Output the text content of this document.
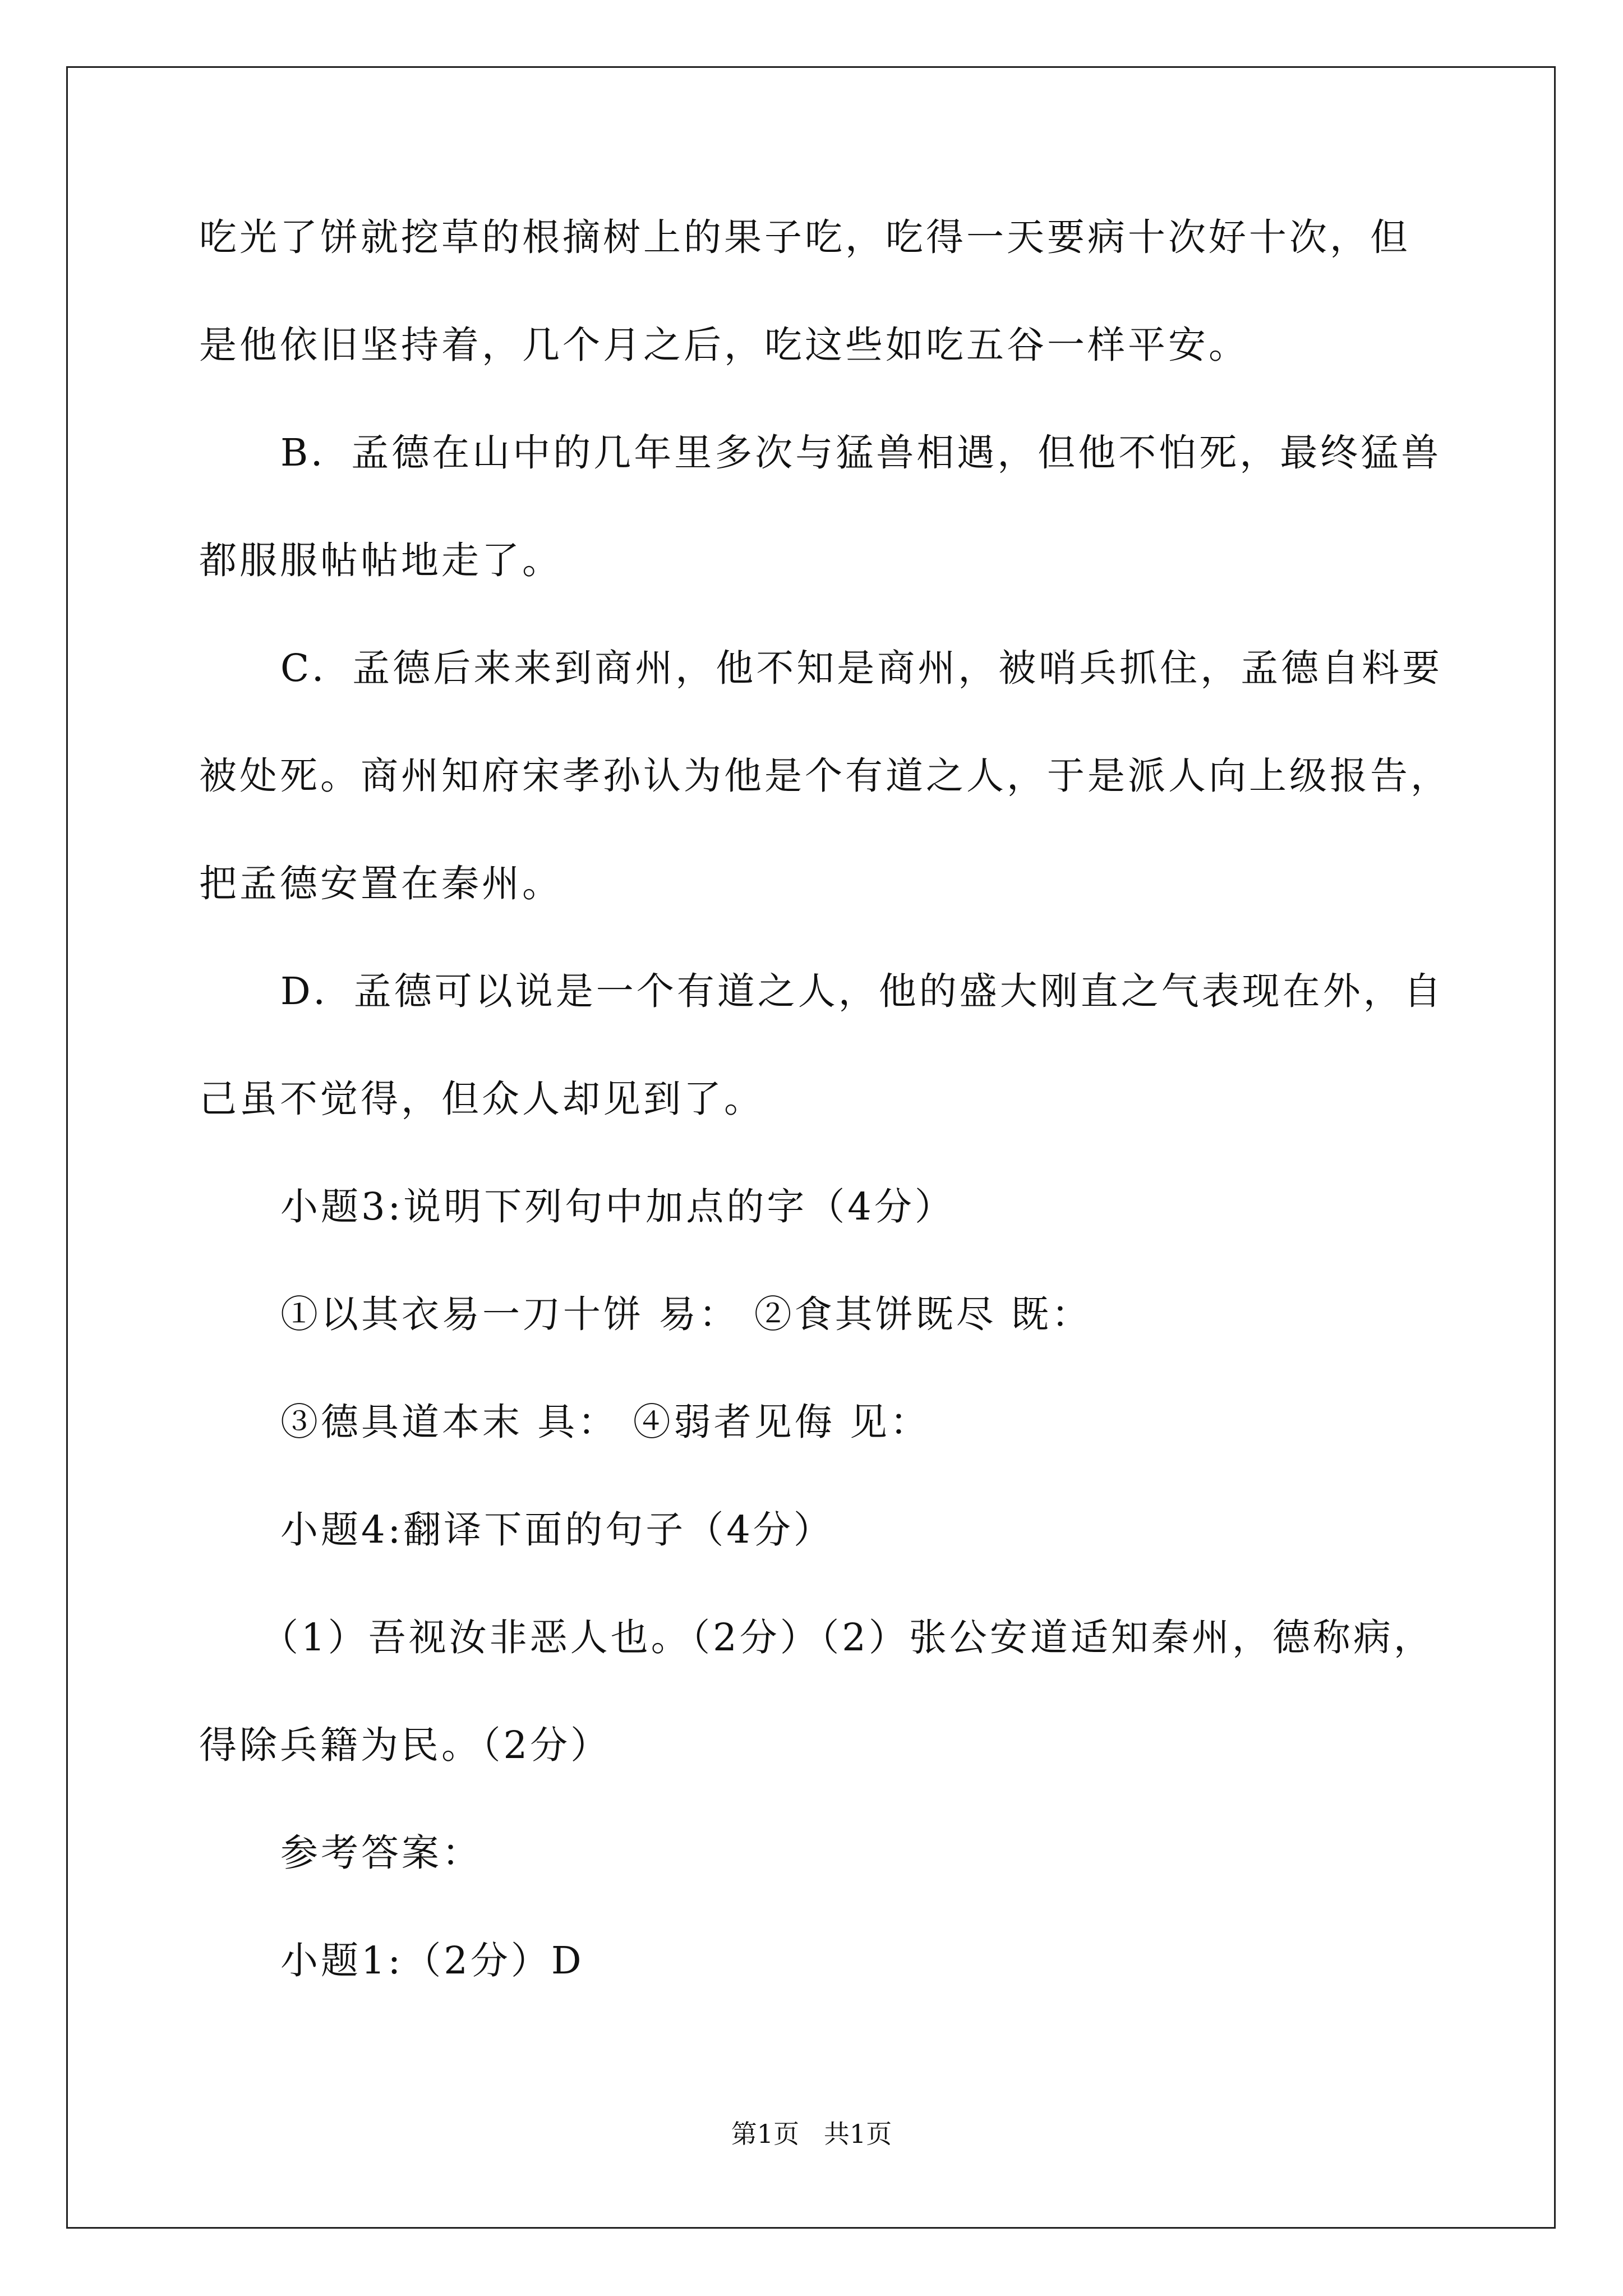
吃光了饼就挖草的根摘树上的果子吃，吃得一天要病十次好十次，但
是他依旧坚持着，几个月之后，吃这些如吃五谷一样平安。
B．孟德在山中的几年里多次与猛兽相遇，但他不怕死，最终猛兽
都服服帖帖地走了。
C．孟德后来来到商州，他不知是商州，被哨兵抓住，孟德自料要
被处死。商州知府宋孝孙认为他是个有道之人，于是派人向上级报告，
把孟德安置在秦州。
D．孟德可以说是一个有道之人，他的盛大刚直之气表现在外，自
己虽不觉得，但众人却见到了。
小题3:说明下列句中加点的字（4分）
①以其衣易一刀十饼 易： ②食其饼既尽 既：
③德具道本末 具： ④弱者见侮 见：
小题4:翻译下面的句子（4分）
（1）吾视汝非恶人也。（2分）（2）张公安道适知秦州，德称病，
得除兵籍为民。（2分）
参考答案：
小题1:（2分）D
第1页   共1页
